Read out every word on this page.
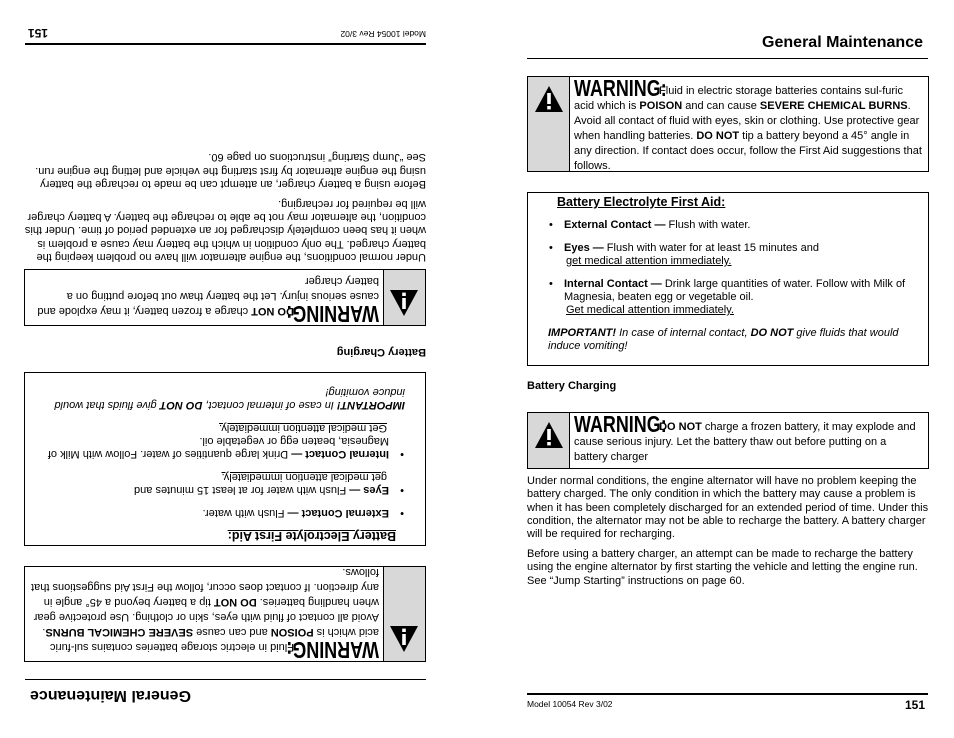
General Maintenance
WARNING: Fluid in electric storage batteries contains sul-furic acid which is POISON and can cause SEVERE CHEMICAL BURNS. Avoid all contact of fluid with eyes, skin or clothing. Use protective gear when handling batteries. DO NOT tip a battery beyond a 45° angle in any direction. If contact does occur, follow the First Aid suggestions that follows.
Battery Electrolyte First Aid:
• External Contact — Flush with water.
• Eyes — Flush with water for at least 15 minutes and
get medical attention immediately.
• Internal Contact — Drink large quantities of water. Follow with Milk of Magnesia, beaten egg or vegetable oil.
Get medical attention immediately.
IMPORTANT! In case of internal contact, DO NOT give fluids that would induce vomiting!
Battery Charging
WARNING: DO NOT charge a frozen battery, it may explode and cause serious injury. Let the battery thaw out before putting on a battery charger
Under normal conditions, the engine alternator will have no problem keeping the battery charged. The only condition in which the battery may cause a problem is when it has been completely discharged for an extended period of time. Under this condition, the alternator may not be able to recharge the battery. A battery charger will be required for recharging.
Before using a battery charger, an attempt can be made to recharge the battery using the engine alternator by first starting the vehicle and letting the engine run. See “Jump Starting” instructions on page 60.
Model 10054 Rev 3/02
151
General Maintenance
WARNING: Fluid in electric storage batteries contains sul-furic acid which is POISON and can cause SEVERE CHEMICAL BURNS. Avoid all contact of fluid with eyes, skin or clothing. Use protective gear when handling batteries. DO NOT tip a battery beyond a 45° angle in any direction. If contact does occur, follow the First Aid suggestions that follows.
Battery Electrolyte First Aid:
• External Contact — Flush with water.
• Eyes — Flush with water for at least 15 minutes and
get medical attention immediately.
• Internal Contact — Drink large quantities of water. Follow with Milk of Magnesia, beaten egg or vegetable oil.
Get medical attention immediately.
IMPORTANT! In case of internal contact, DO NOT give fluids that would induce vomiting!
Battery Charging
WARNING: DO NOT charge a frozen battery, it may explode and cause serious injury. Let the battery thaw out before putting on a battery charger
Under normal conditions, the engine alternator will have no problem keeping the battery charged. The only condition in which the battery may cause a problem is when it has been completely discharged for an extended period of time. Under this condition, the alternator may not be able to recharge the battery. A battery charger will be required for recharging.
Before using a battery charger, an attempt can be made to recharge the battery using the engine alternator by first starting the vehicle and letting the engine run. See “Jump Starting” instructions on page 60.
Model 10054 Rev 3/02	151
